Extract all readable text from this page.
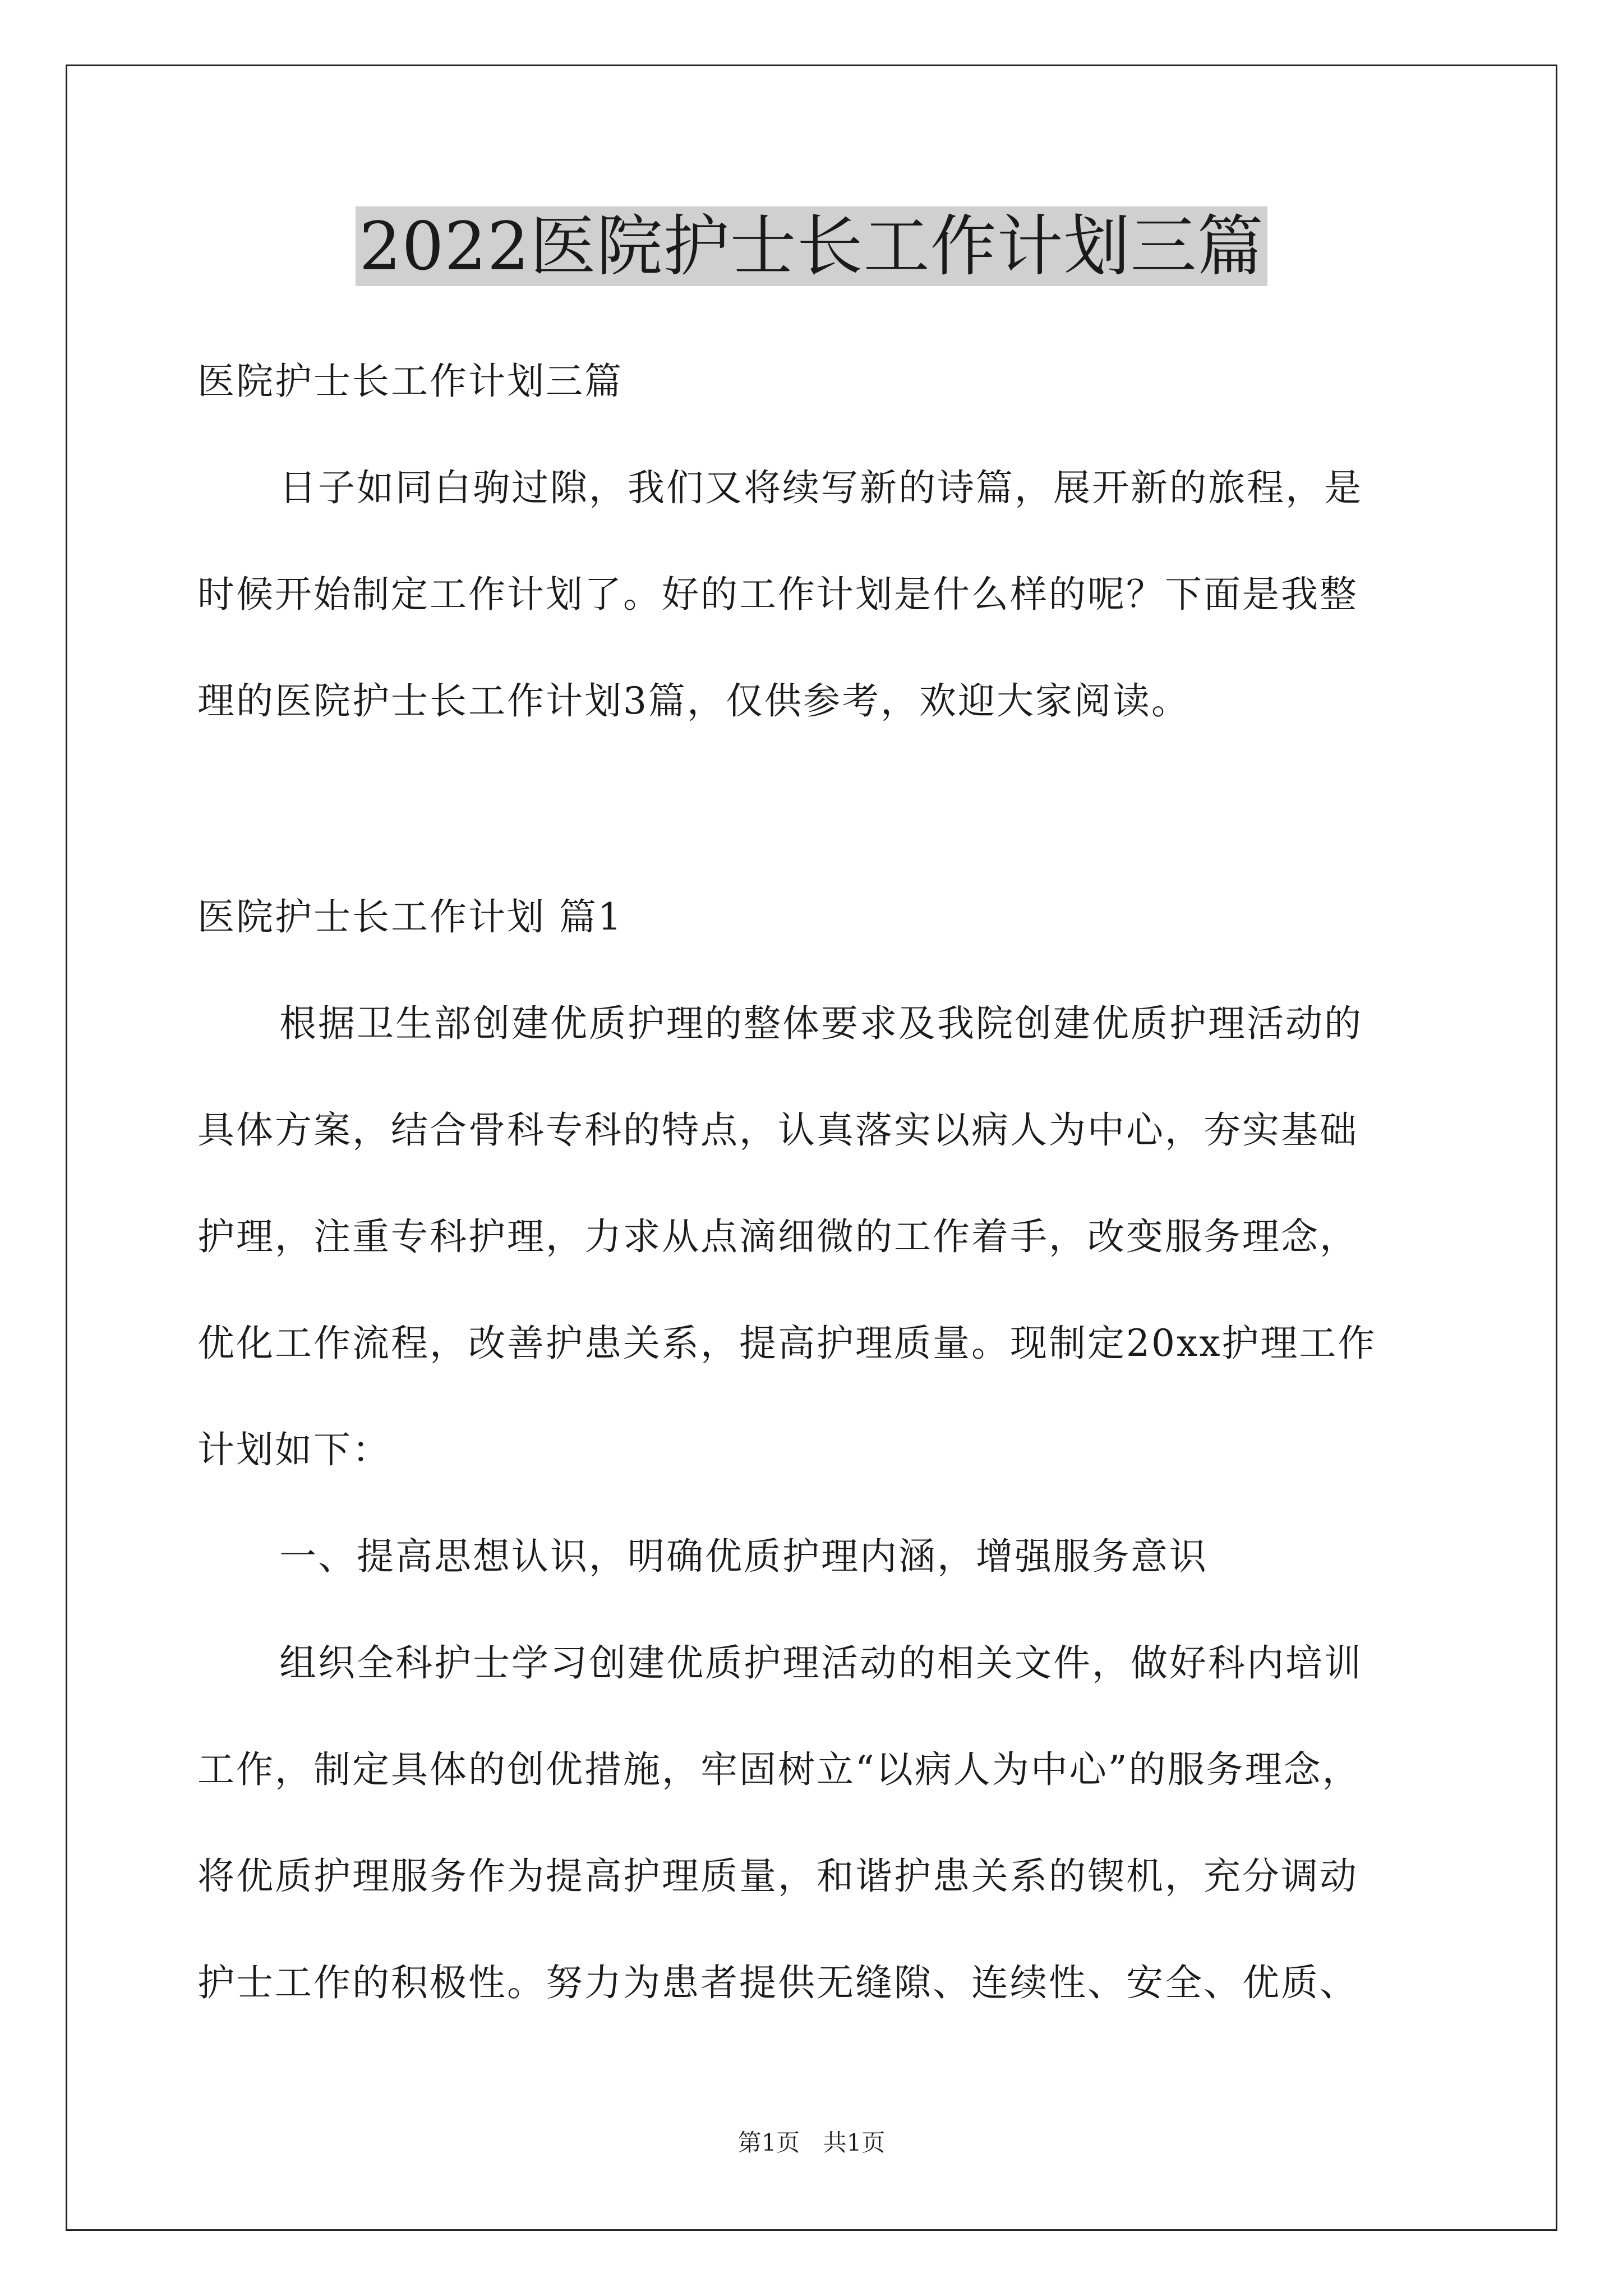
2022医院护士长工作计划三篇
医院护士长工作计划三篇
日子如同白驹过隙，我们又将续写新的诗篇，展开新的旅程，是
时候开始制定工作计划了。好的工作计划是什么样的呢？下面是我整
理的医院护士长工作计划3篇，仅供参考，欢迎大家阅读。
医院护士长工作计划 篇1
根据卫生部创建优质护理的整体要求及我院创建优质护理活动的
具体方案，结合骨科专科的特点，认真落实以病人为中心，夯实基础
护理，注重专科护理，力求从点滴细微的工作着手，改变服务理念，
优化工作流程，改善护患关系，提高护理质量。现制定20xx护理工作
计划如下：
一、提高思想认识，明确优质护理内涵，增强服务意识
组织全科护士学习创建优质护理活动的相关文件，做好科内培训
工作，制定具体的创优措施，牢固树立“以病人为中心”的服务理念，
将优质护理服务作为提高护理质量，和谐护患关系的锲机，充分调动
护士工作的积极性。努力为患者提供无缝隙、连续性、安全、优质、
第1页 共1页
